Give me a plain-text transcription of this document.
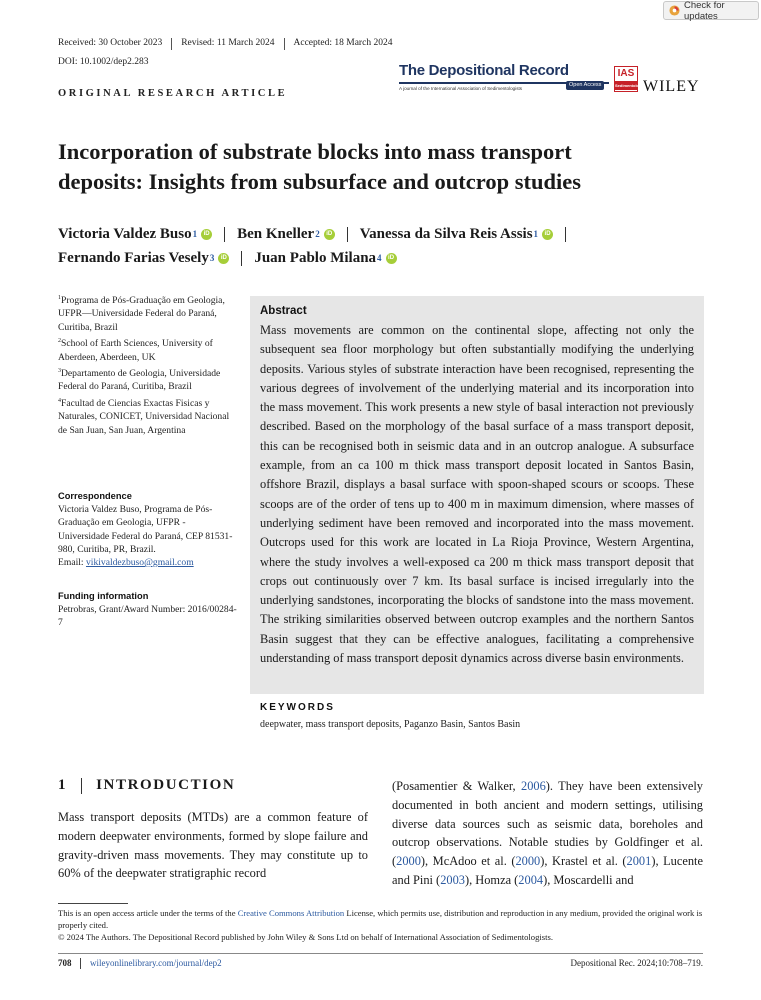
Check for updates
Received: 30 October 2023 Revised: 11 March 2024 Accepted: 18 March 2024
DOI: 10.1002/dep2.283
ORIGINAL RESEARCH ARTICLE
The Depositional Record
A journal of the International Association of Sedimentologists
Open Access
IAS
Sedimentologists
WILEY
Incorporation of substrate blocks into mass transport
deposits: Insights from subsurface and outcrop studies
Victoria Valdez Buso 1	iD Ben Kneller 2	iD Vanessa da Silva Reis Assis 1	iD
Fernando Farias Vesely 3	iD Juan Pablo Milana 4	iD

$^1$Programa de Pós-Graduação em Geologia, UFPR—Universidade Federal do Paraná, Curitiba, Brazil

$^2$School of Earth Sciences, University of Aberdeen, Aberdeen, UK

$^3$Departamento de Geologia, Universidade Federal do Paraná, Curitiba, Brazil

$^4$Facultad de Ciencias Exactas Fisicas y Naturales, CONICET, Universidad Nacional de San Juan, San Juan, Argentina

Correspondence
Victoria Valdez Buso, Programa de Pós-Graduação em Geologia, UFPR - Universidade Federal do Paraná, CEP 81531-980, Curitiba, PR, Brazil.
Email: vikivaldezbuso@gmail.com
Funding information
Petrobras, Grant/Award Number: 2016/00284-7
Abstract
Mass movements are common on the continental slope, affecting not only the subsequent sea floor morphology but often substantially modifying the underlying deposits. Various styles of substrate interaction have been recognised, representing the various degrees of involvement of the underlying material and its incorporation into the mass movement. This work presents a new style of basal interaction not previously described. Based on the morphology of the basal surface of a mass transport deposit, this can be recognised both in seismic data and in an outcrop analogue. A subsurface example, from an ca 100 m thick mass transport deposit located in Santos Basin, offshore Brazil, displays a basal surface with spoon-shaped scours or scoops. These scoops are of the order of tens up to 400 m in maximum dimension, where masses of underlying sediment have been removed and incorporated into the mass movement. Outcrops used for this work are located in La Rioja Province, Western Argentina, where the study involves a well-exposed ca 200 m thick mass transport deposit that crops out continuously over 7 km. Its basal surface is incised irregularly into the underlying sandstones, incorporating the blocks of sandstone into the mass movement. The striking similarities observed between outcrop examples and the northern Santos Basin suggest that they can be effective analogues, facilitating a comprehensive understanding of mass transport deposit dynamics across diverse basin environments.
KEYWORDS
deepwater, mass transport deposits, Paganzo Basin, Santos Basin
1 INTRODUCTION
Mass transport deposits (MTDs) are a common feature of modern deepwater environments, formed by slope failure and gravity-driven mass movements. They may constitute up to 60% of the deepwater stratigraphic record
(Posamentier & Walker, 2006). They have been extensively documented in both ancient and modern settings, utilising diverse data sources such as seismic data, boreholes and outcrop observations. Notable studies by Goldfinger et al. (2000), McAdoo et al. (2000), Krastel et al. (2001), Lucente and Pini (2003), Homza (2004), Moscardelli and
This is an open access article under the terms of the Creative Commons Attribution License, which permits use, distribution and reproduction in any medium, provided the original work is properly cited.
© 2024 The Authors. The Depositional Record published by John Wiley & Sons Ltd on behalf of International Association of Sedimentologists.
708 wileyonlinelibrary.com/journal/dep2	Depositional Rec. 2024;10:708–719.
